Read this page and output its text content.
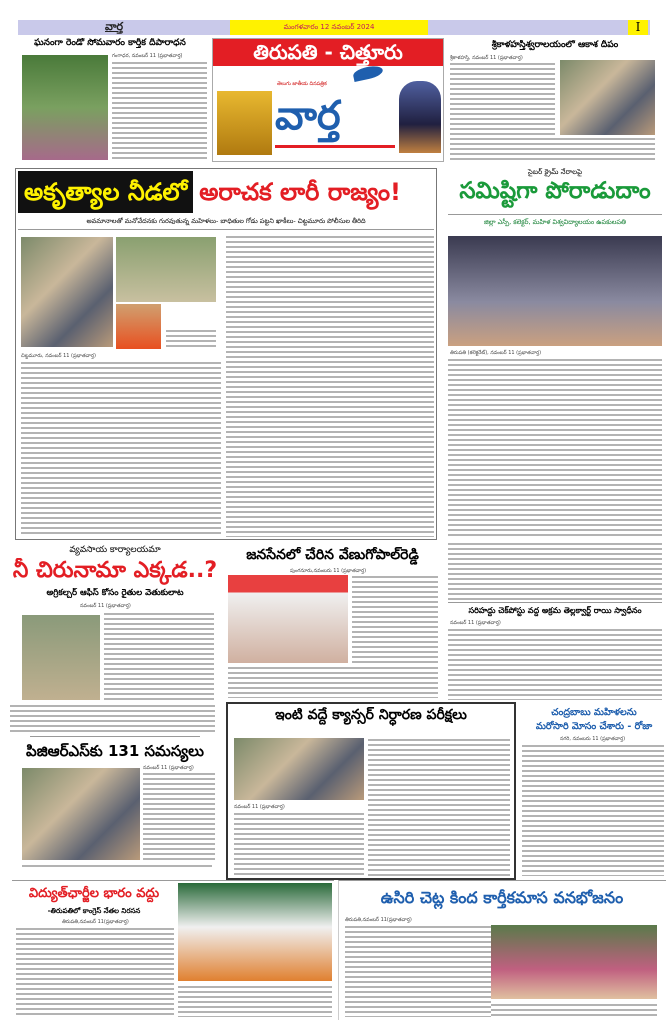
వార్త	మంగళవారం 12 నవంబర్ 2024	I
ఘనంగా రెండో సోమవారం కార్తీక దీపారాధన
గంగాధర, నవంబర్ 11 (ప్రభాతవార్త)	తిరుపతి - చిత్తూరు
తెలుగు జాతీయ దినపత్రిక
వార్త
శ్రీకాళహస్తీశ్వరాలయంలో ఆకాశ దీపం
శ్రీకాళహస్తి, నవంబర్ 11 (ప్రభాతవార్త)
అకృత్యాల నీడలో అరాచక లారీ రాజ్యం!
అవమానాలతో మనోవేదనకు గురవుతున్న మహిళలు- బాధితుల గోడు పట్టని ఖాకీలు- చిట్టమూరు పోలీసుల తీరిది
చిట్టమూరు, నవంబర్ 11 (ప్రభాతవార్త)
సైబర్ క్రైమ్ నేరాలపై
సమిష్టిగా పోరాడుదాం
జిల్లా ఎస్పీ, కలెక్టర్, మహిళ విశ్వవిద్యాలయం ఉపకులపతి
తిరుపతి (కలెక్టరేట్), నవంబర్ 11 (ప్రభాతవార్త)
వ్యవసాయ కార్యాలయమా
నీ చిరునామా ఎక్కడ..?
అగ్రికల్చర్ ఆఫీస్ కోసం రైతుల వెతుకులాట
నవంబర్ 11 (ప్రభాతవార్త)
జనసేనలో చేరిన వేణుగోపాల్‌రెడ్డి
పుంగనూరు,నవంబరు 11 (ప్రభాతవార్త)
సరిహద్దు చెక్‌పోస్టు వద్ద అక్రమ తెల్లక్వార్ట్ రాయి స్వాధీనం
నవంబర్ 11 (ప్రభాతవార్త)
పిజిఆర్ఎస్‌కు 131 సమస్యలు
నవంబర్ 11 (ప్రభాతవార్త)
ఇంటి వద్దే క్యాన్సర్ నిర్ధారణ పరీక్షలు
నవంబర్ 11 (ప్రభాతవార్త)
చంద్రబాబు మహిళలను
మరోసారి మోసం చేశారు - రోజా
నగరి, నవంబరు 11 (ప్రభాతవార్త)
విద్యుత్‌ఛార్జీల భారం వద్దు
-తిరుపతిలో కాంగ్రెస్ నేతల నిరసన
తిరుపతి,నవంబర్ 11(ప్రభాతవార్త)
ఉసిరి చెట్ల కింద కార్తీకమాస వనభోజనం
తిరుపతి,నవంబర్ 11(ప్రభాతవార్త)
